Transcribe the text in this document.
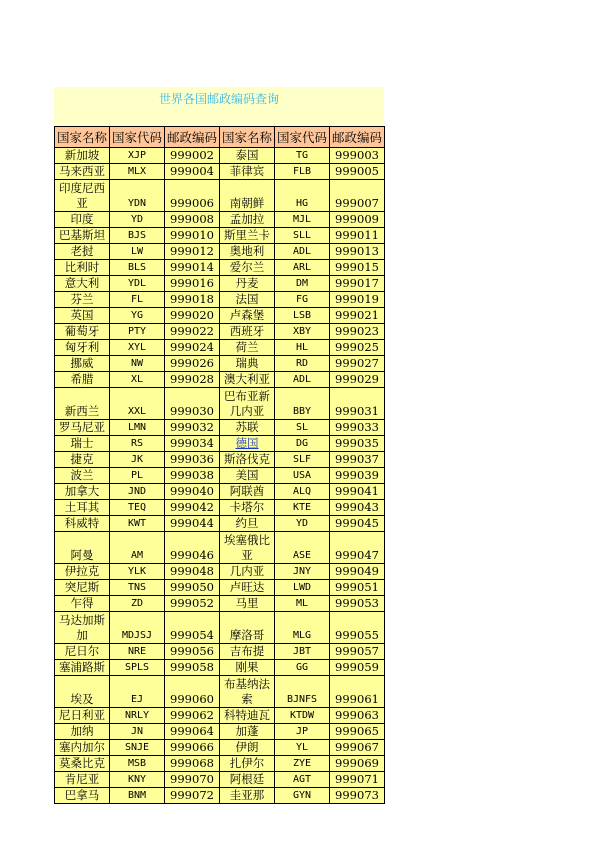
世界各国邮政编码查询
国家名称	国家代码	邮政编码	国家名称	国家代码	邮政编码
新加坡	XJP	999002	泰国	TG	999003
马来西亚	MLX	999004	菲律宾	FLB	999005
印度尼西亚	YDN	999006	南朝鲜	HG	999007
印度	YD	999008	孟加拉	MJL	999009
巴基斯坦	BJS	999010	斯里兰卡	SLL	999011
老挝	LW	999012	奥地利	ADL	999013
比利时	BLS	999014	爱尔兰	ARL	999015
意大利	YDL	999016	丹麦	DM	999017
芬兰	FL	999018	法国	FG	999019
英国	YG	999020	卢森堡	LSB	999021
葡萄牙	PTY	999022	西班牙	XBY	999023
匈牙利	XYL	999024	荷兰	HL	999025
挪威	NW	999026	瑞典	RD	999027
希腊	XL	999028	澳大利亚	ADL	999029
新西兰	XXL	999030	巴布亚新几内亚	BBY	999031
罗马尼亚	LMN	999032	苏联	SL	999033
瑞士	RS	999034	德国	DG	999035
捷克	JK	999036	斯洛伐克	SLF	999037
波兰	PL	999038	美国	USA	999039
加拿大	JND	999040	阿联酋	ALQ	999041
土耳其	TEQ	999042	卡塔尔	KTE	999043
科威特	KWT	999044	约旦	YD	999045
阿曼	AM	999046	埃塞俄比亚	ASE	999047
伊拉克	YLK	999048	几内亚	JNY	999049
突尼斯	TNS	999050	卢旺达	LWD	999051
乍得	ZD	999052	马里	ML	999053
马达加斯加	MDJSJ	999054	摩洛哥	MLG	999055
尼日尔	NRE	999056	吉布提	JBT	999057
塞浦路斯	SPLS	999058	刚果	GG	999059
埃及	EJ	999060	布基纳法索	BJNFS	999061
尼日利亚	NRLY	999062	科特迪瓦	KTDW	999063
加纳	JN	999064	加蓬	JP	999065
塞内加尔	SNJE	999066	伊朗	YL	999067
莫桑比克	MSB	999068	扎伊尔	ZYE	999069
肯尼亚	KNY	999070	阿根廷	AGT	999071
巴拿马	BNM	999072	圭亚那	GYN	999073
